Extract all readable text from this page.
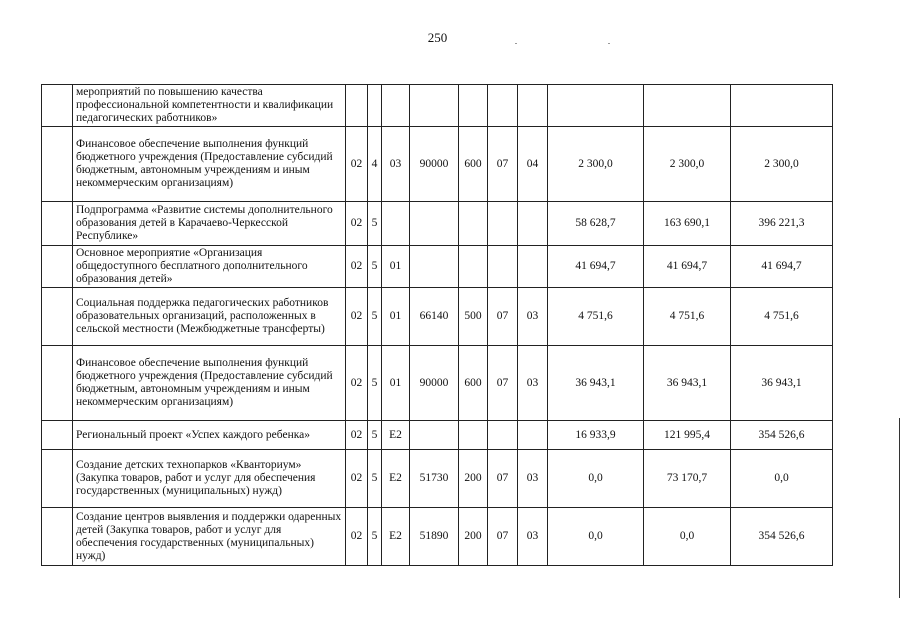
250
	мероприятий по повышению качества профессиональной компетентности и квалификации педагогических работников»										
	Финансовое обеспечение выполнения функций бюджетного учреждения (Предоставление субсидий бюджетным, автономным учреждениям и иным некоммерческим организациям)	02	4	03	90000	600	07	04	2 300,0	2 300,0	2 300,0
	Подпрограмма «Развитие системы дополнительного образования детей в Карачаево-Черкесской Республике»	02	5						58 628,7	163 690,1	396 221,3
	Основное мероприятие «Организация общедоступного бесплатного дополнительного образования детей»	02	5	01					41 694,7	41 694,7	41 694,7
	Социальная поддержка педагогических работников образовательных организаций, расположенных в сельской местности (Межбюджетные трансферты)	02	5	01	66140	500	07	03	4 751,6	4 751,6	4 751,6
	Финансовое обеспечение выполнения функций бюджетного учреждения (Предоставление субсидий бюджетным, автономным учреждениям и иным некоммерческим организациям)	02	5	01	90000	600	07	03	36 943,1	36 943,1	36 943,1
	Региональный проект «Успех каждого ребенка»	02	5	Е2					16 933,9	121 995,4	354 526,6
	Создание детских технопарков «Кванториум» (Закупка товаров, работ и услуг для обеспечения государственных (муниципальных) нужд)	02	5	Е2	51730	200	07	03	0,0	73 170,7	0,0
	Создание центров выявления и поддержки одаренных детей (Закупка товаров, работ и услуг для обеспечения государственных (муниципальных) нужд)	02	5	Е2	51890	200	07	03	0,0	0,0	354 526,6
